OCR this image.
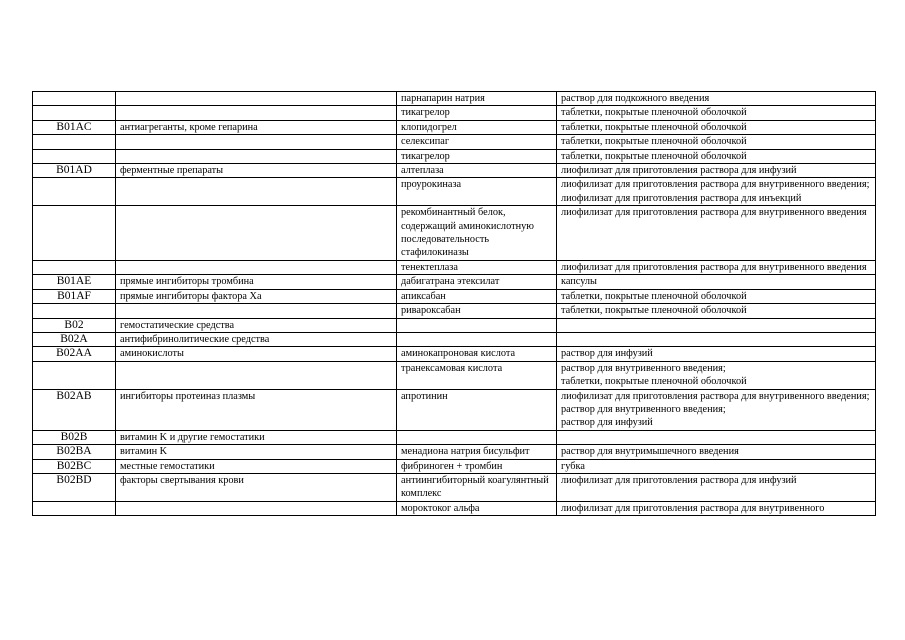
		парнапарин натрия	раствор для подкожного введения
		тикагрелор	таблетки, покрытые пленочной оболочкой
B01AC	антиагреганты, кроме гепарина	клопидогрел	таблетки, покрытые пленочной оболочкой
		селексипаг	таблетки, покрытые пленочной оболочкой
		тикагрелор	таблетки, покрытые пленочной оболочкой
B01AD	ферментные препараты	алтеплаза	лиофилизат для приготовления раствора для инфузий
		проурокиназа	лиофилизат для приготовления раствора для внутривенного введения;
лиофилизат для приготовления раствора для инъекций
		рекомбинантный белок, содержащий аминокислотную последовательность стафилокиназы	лиофилизат для приготовления раствора для внутривенного введения
		тенектеплаза	лиофилизат для приготовления раствора для внутривенного введения
B01AE	прямые ингибиторы тромбина	дабигатрана этексилат	капсулы
B01AF	прямые ингибиторы фактора Xa	апиксабан	таблетки, покрытые пленочной оболочкой
		ривароксабан	таблетки, покрытые пленочной оболочкой
B02	гемостатические средства		
B02A	антифибринолитические средства		
B02AA	аминокислоты	аминокапроновая кислота	раствор для инфузий
		транексамовая кислота	раствор для внутривенного введения;
таблетки, покрытые пленочной оболочкой
B02AB	ингибиторы протеиназ плазмы	апротинин	лиофилизат для приготовления раствора для внутривенного введения;
раствор для внутривенного введения;
раствор для инфузий
B02B	витамин K и другие гемостатики		
B02BA	витамин K	менадиона натрия бисульфит	раствор для внутримышечного введения
B02BC	местные гемостатики	фибриноген + тромбин	губка
B02BD	факторы свертывания крови	антиингибиторный коагулянтный комплекс	лиофилизат для приготовления раствора для инфузий
		мороктоког альфа	лиофилизат для приготовления раствора для внутривенного
